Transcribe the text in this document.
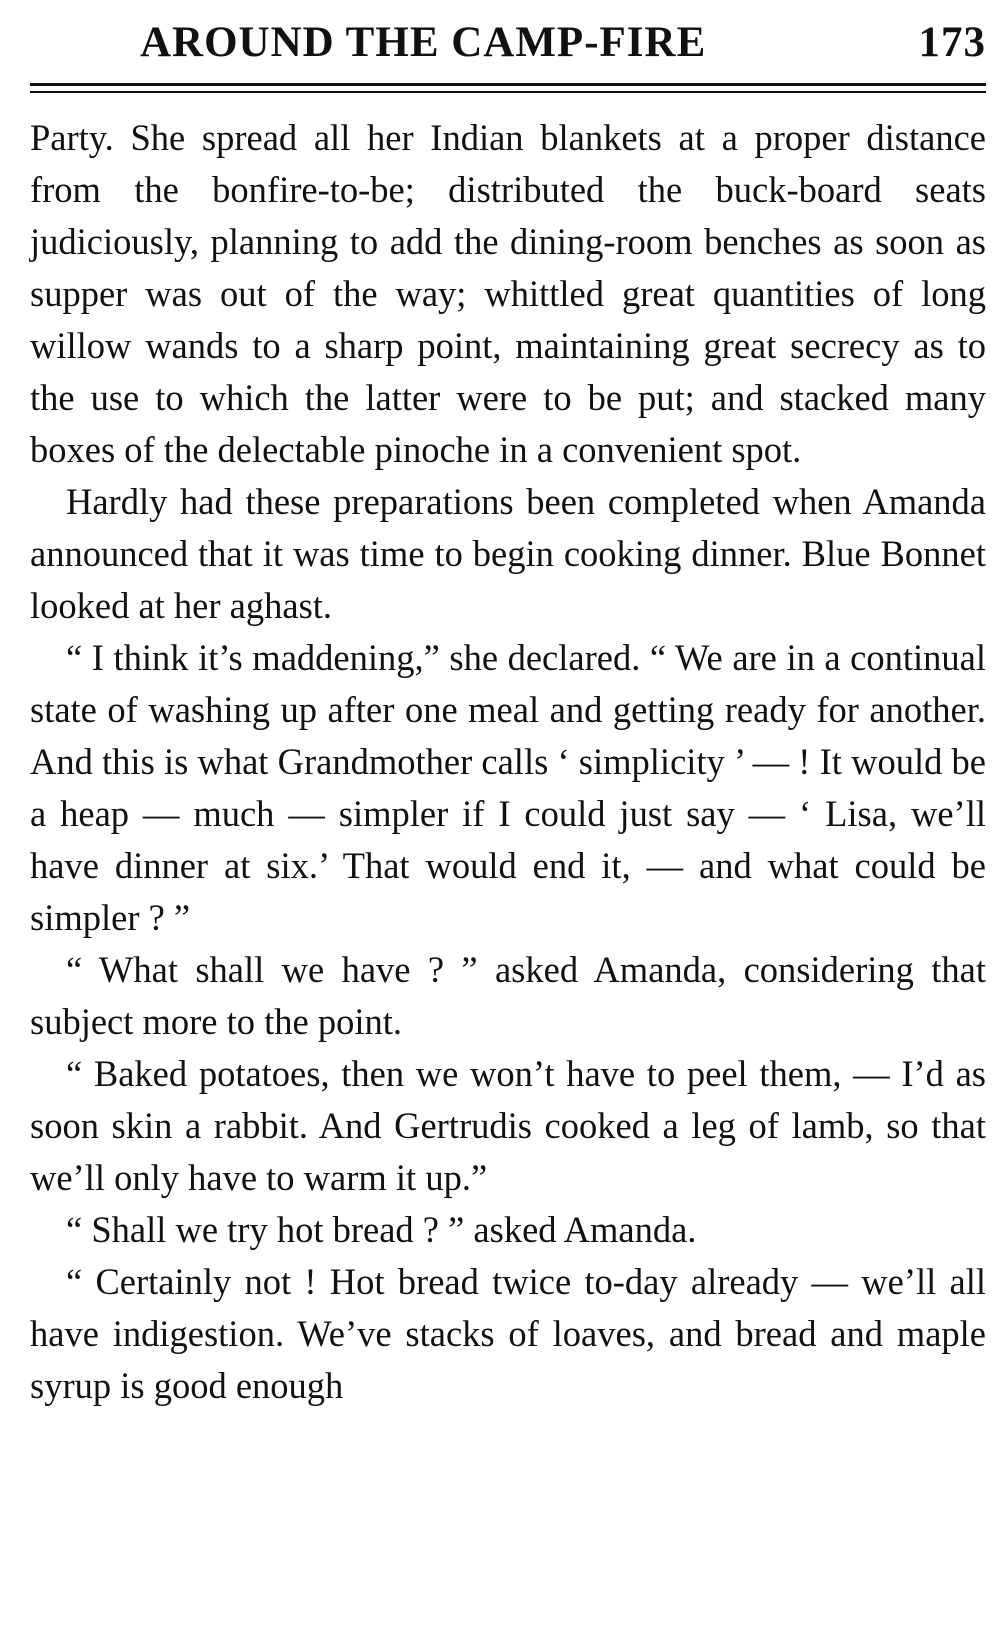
AROUND THE CAMP-FIRE	173

Party. She spread all her Indian blankets at a proper distance from the bonfire-to-be; distributed the buck-board seats judiciously, planning to add the dining-room benches as soon as supper was out of the way; whittled great quantities of long willow wands to a sharp point, maintaining great secrecy as to the use to which the latter were to be put; and stacked many boxes of the delectable pinoche in a convenient spot.

Hardly had these preparations been completed when Amanda announced that it was time to begin cooking dinner. Blue Bonnet looked at her aghast.

“ I think it’s maddening,” she declared. “ We are in a continual state of washing up after one meal and getting ready for another. And this is what Grandmother calls ‘ simplicity ’ — ! It would be a heap — much — simpler if I could just say — ‘ Lisa, we’ll have dinner at six.’ That would end it, — and what could be simpler ? ”

“ What shall we have ? ” asked Amanda, considering that subject more to the point.

“ Baked potatoes, then we won’t have to peel them, — I’d as soon skin a rabbit. And Gertrudis cooked a leg of lamb, so that we’ll only have to warm it up.”

“ Shall we try hot bread ? ” asked Amanda.

“ Certainly not ! Hot bread twice to-day already — we’ll all have indigestion. We’ve stacks of loaves, and bread and maple syrup is good enough
